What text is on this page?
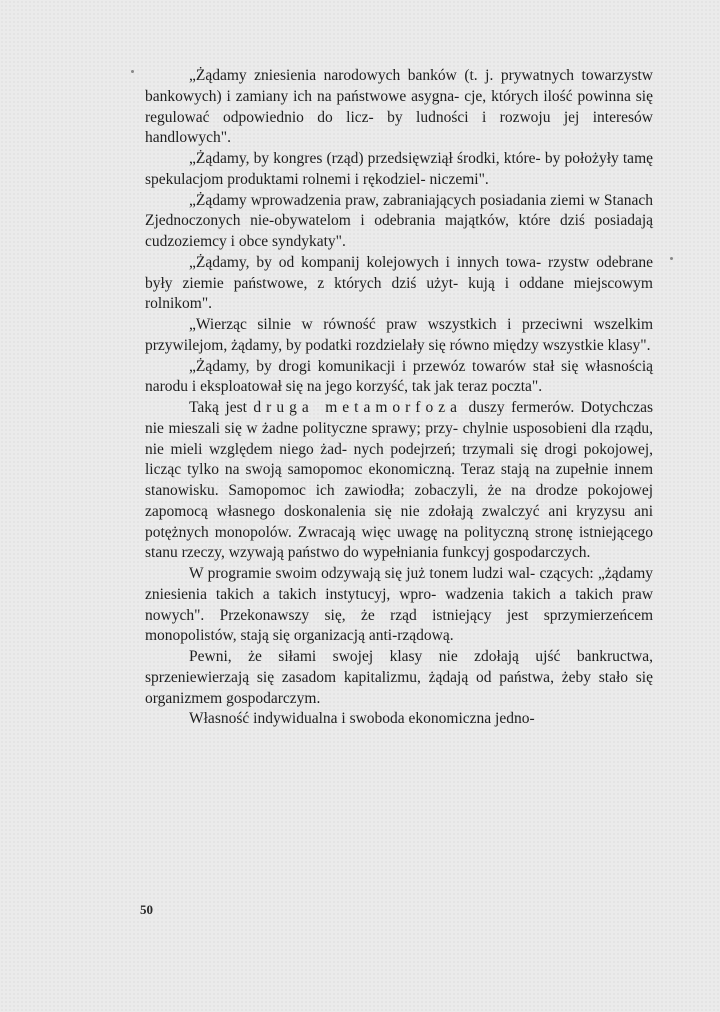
„Żądamy zniesienia narodowych banków (t. j. prywatnych towarzystw bankowych) i zamiany ich na państwowe asygna- cje, których ilość powinna się regulować odpowiednio do licz- by ludności i rozwoju jej interesów handlowych".

„Żądamy, by kongres (rząd) przedsięwziął środki, które- by położyły tamę spekulacjom produktami rolnemi i rękodziel- niczemi".

„Żądamy wprowadzenia praw, zabraniających posiadania ziemi w Stanach Zjednoczonych nie-obywatelom i odebrania majątków, które dziś posiadają cudzoziemcy i obce syndykaty".

„Żądamy, by od kompanij kolejowych i innych towa- rzystw odebrane były ziemie państwowe, z których dziś użyt- kują i oddane miejscowym rolnikom".

„Wierząc silnie w równość praw wszystkich i przeciwni wszelkim przywilejom, żądamy, by podatki rozdzielały się równo między wszystkie klasy".

„Żądamy, by drogi komunikacji i przewóz towarów stał się własnością narodu i eksploatował się na jego korzyść, tak jak teraz poczta".

Taką jest druga metamorfoza duszy fermerów. Dotychczas nie mieszali się w żadne polityczne sprawy; przy- chylnie usposobieni dla rządu, nie mieli względem niego żad- nych podejrzeń; trzymali się drogi pokojowej, licząc tylko na swoją samopomoc ekonomiczną. Teraz stają na zupełnie innem stanowisku. Samopomoc ich zawiodła; zobaczyli, że na drodze pokojowej zapomocą własnego doskonalenia się nie zdołają zwalczyć ani kryzysu ani potężnych monopolów. Zwracają więc uwagę na polityczną stronę istniejącego stanu rzeczy, wzywają państwo do wypełniania funkcyj gospodarczych.

W programie swoim odzywają się już tonem ludzi wal- czących: „żądamy zniesienia takich a takich instytucyj, wpro- wadzenia takich a takich praw nowych". Przekonawszy się, że rząd istniejący jest sprzymierzeńcem monopolistów, stają się organizacją anti-rządową.

Pewni, że siłami swojej klasy nie zdołają ujść bankructwa, sprzeniewierzają się zasadom kapitalizmu, żądają od państwa, żeby stało się organizmem gospodarczym.

Własność indywidualna i swoboda ekonomiczna jedno-

50
